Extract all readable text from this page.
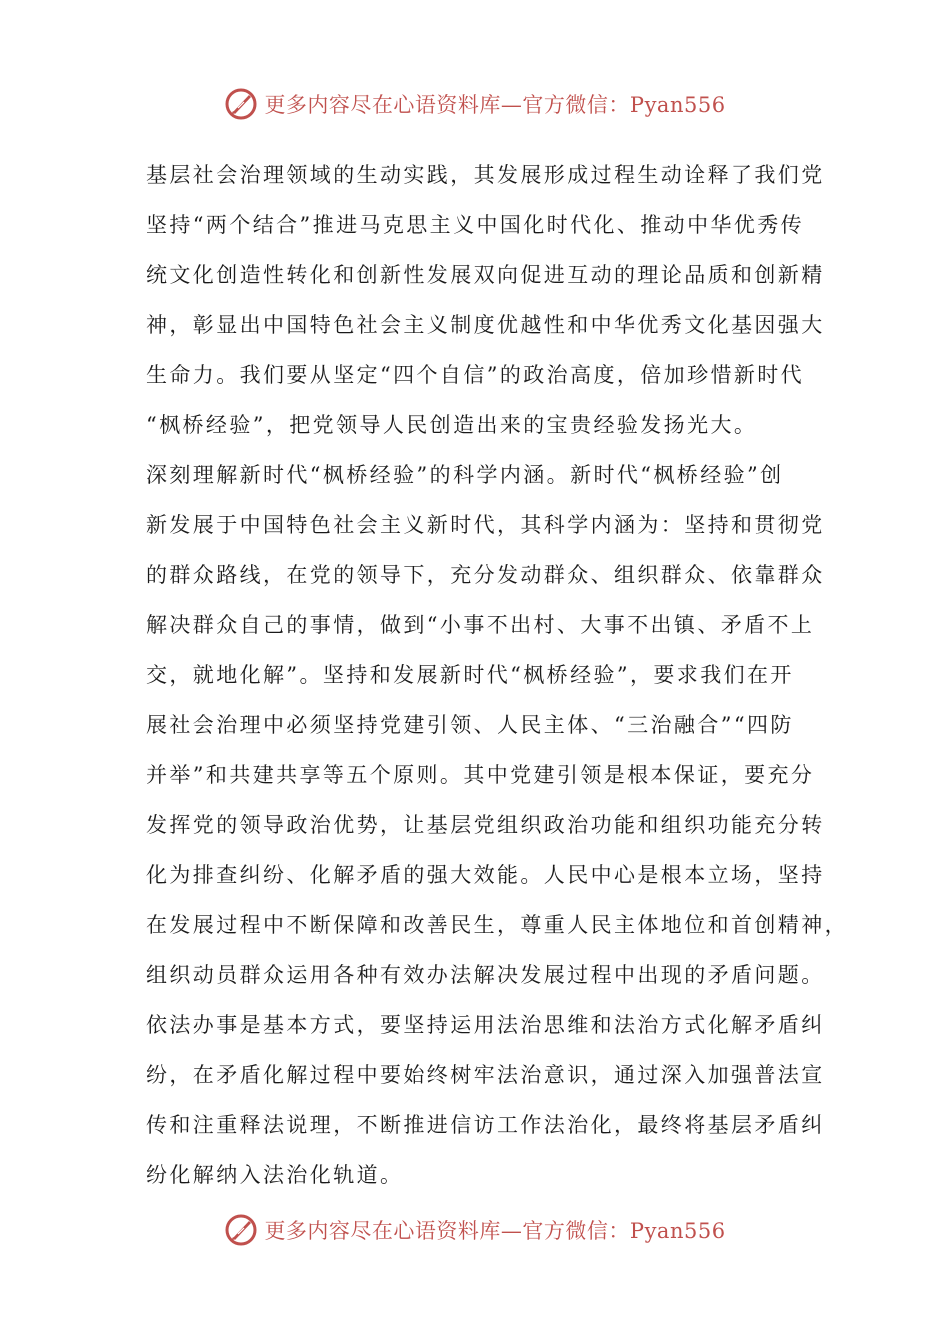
更多内容尽在心语资料库—官方微信：Pyan556
基层社会治理领域的生动实践，其发展形成过程生动诠释了我们党
坚持“两个结合”推进马克思主义中国化时代化、推动中华优秀传
统文化创造性转化和创新性发展双向促进互动的理论品质和创新精
神，彰显出中国特色社会主义制度优越性和中华优秀文化基因强大
生命力。我们要从坚定“四个自信”的政治高度，倍加珍惜新时代
“枫桥经验”，把党领导人民创造出来的宝贵经验发扬光大。
深刻理解新时代“枫桥经验”的科学内涵。新时代“枫桥经验”创
新发展于中国特色社会主义新时代，其科学内涵为：坚持和贯彻党
的群众路线，在党的领导下，充分发动群众、组织群众、依靠群众
解决群众自己的事情，做到“小事不出村、大事不出镇、矛盾不上
交，就地化解”。坚持和发展新时代“枫桥经验”，要求我们在开
展社会治理中必须坚持党建引领、人民主体、“三治融合”“四防
并举”和共建共享等五个原则。其中党建引领是根本保证，要充分
发挥党的领导政治优势，让基层党组织政治功能和组织功能充分转
化为排查纠纷、化解矛盾的强大效能。人民中心是根本立场，坚持
在发展过程中不断保障和改善民生，尊重人民主体地位和首创精神，
组织动员群众运用各种有效办法解决发展过程中出现的矛盾问题。
依法办事是基本方式，要坚持运用法治思维和法治方式化解矛盾纠
纷，在矛盾化解过程中要始终树牢法治意识，通过深入加强普法宣
传和注重释法说理，不断推进信访工作法治化，最终将基层矛盾纠
纷化解纳入法治化轨道。
更多内容尽在心语资料库—官方微信：Pyan556
